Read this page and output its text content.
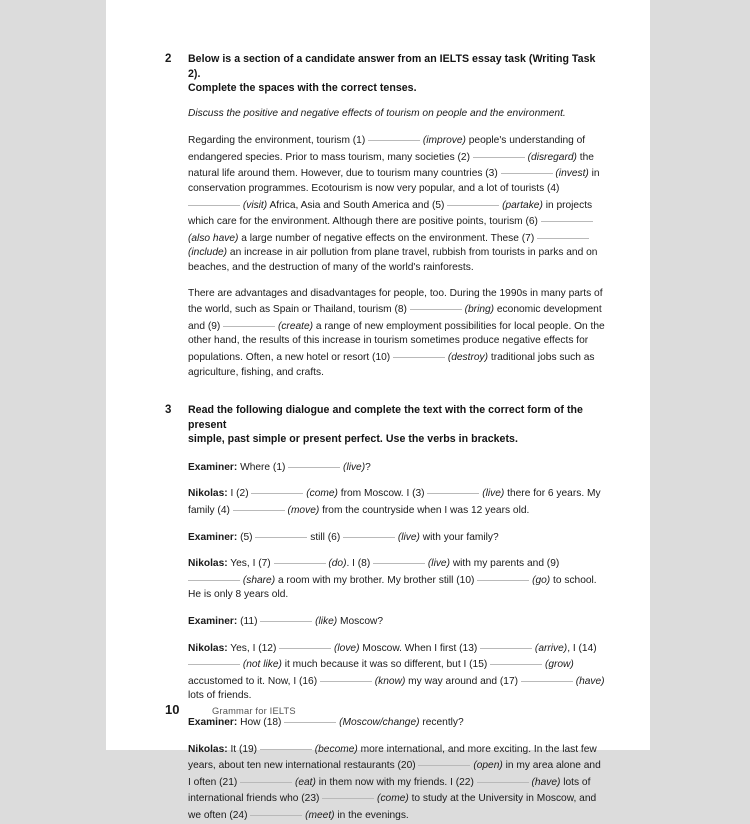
2	Below is a section of a candidate answer from an IELTS essay task (Writing Task 2).
Complete the spaces with the correct tenses.
Discuss the positive and negative effects of tourism on people and the environment.
Regarding the environment, tourism (1)	(improve) people's understanding of endangered species. Prior to mass tourism, many societies (2)	(disregard) the natural life around them. However, due to tourism many countries (3)	(invest) in conservation programmes. Ecotourism is now very popular, and a lot of tourists (4)  (visit) Africa, Asia and South America and (5)	(partake) in projects which care for the environment. Although there are positive points, tourism (6)  (also have) a large number of negative effects on the environment. These (7)  (include) an increase in air pollution from plane travel, rubbish from tourists in parks and on beaches, and the destruction of many of the world's rainforests.
There are advantages and disadvantages for people, too. During the 1990s in many parts of the world, such as Spain or Thailand, tourism (8)	(bring) economic development and (9)	(create) a range of new employment possibilities for local people. On the other hand, the results of this increase in tourism sometimes produce negative effects for populations. Often, a new hotel or resort (10)	(destroy) traditional jobs such as agriculture, fishing, and crafts.
3	Read the following dialogue and complete the text with the correct form of the present
simple, past simple or present perfect. Use the verbs in brackets.
Examiner: Where (1)	(live)?
Nikolas: I (2)	(come) from Moscow. I (3)	(live) there for 6 years. My family (4)	(move) from the countryside when I was 12 years old.
Examiner: (5)	still (6)	(live) with your family?
Nikolas: Yes, I (7)	(do). I (8)	(live) with my parents and (9)  (share) a room with my brother. My brother still (10)	(go) to school. He is only 8 years old.
Examiner: (11)	(like) Moscow?
Nikolas: Yes, I (12)	(love) Moscow. When I first (13)	(arrive), I (14)  (not like) it much because it was so different, but I (15)	(grow) accustomed to it. Now, I (16)	(know) my way around and (17)	(have) lots of friends.
Examiner: How (18)	(Moscow/change) recently?
Nikolas: It (19)	(become) more international, and more exciting. In the last few years, about ten new international restaurants (20)	(open) in my area alone and I often (21)	(eat) in them now with my friends. I (22)	(have) lots of international friends who (23)	(come) to study at the University in Moscow, and we often (24)	(meet) in the evenings.
10	Grammar for IELTS
